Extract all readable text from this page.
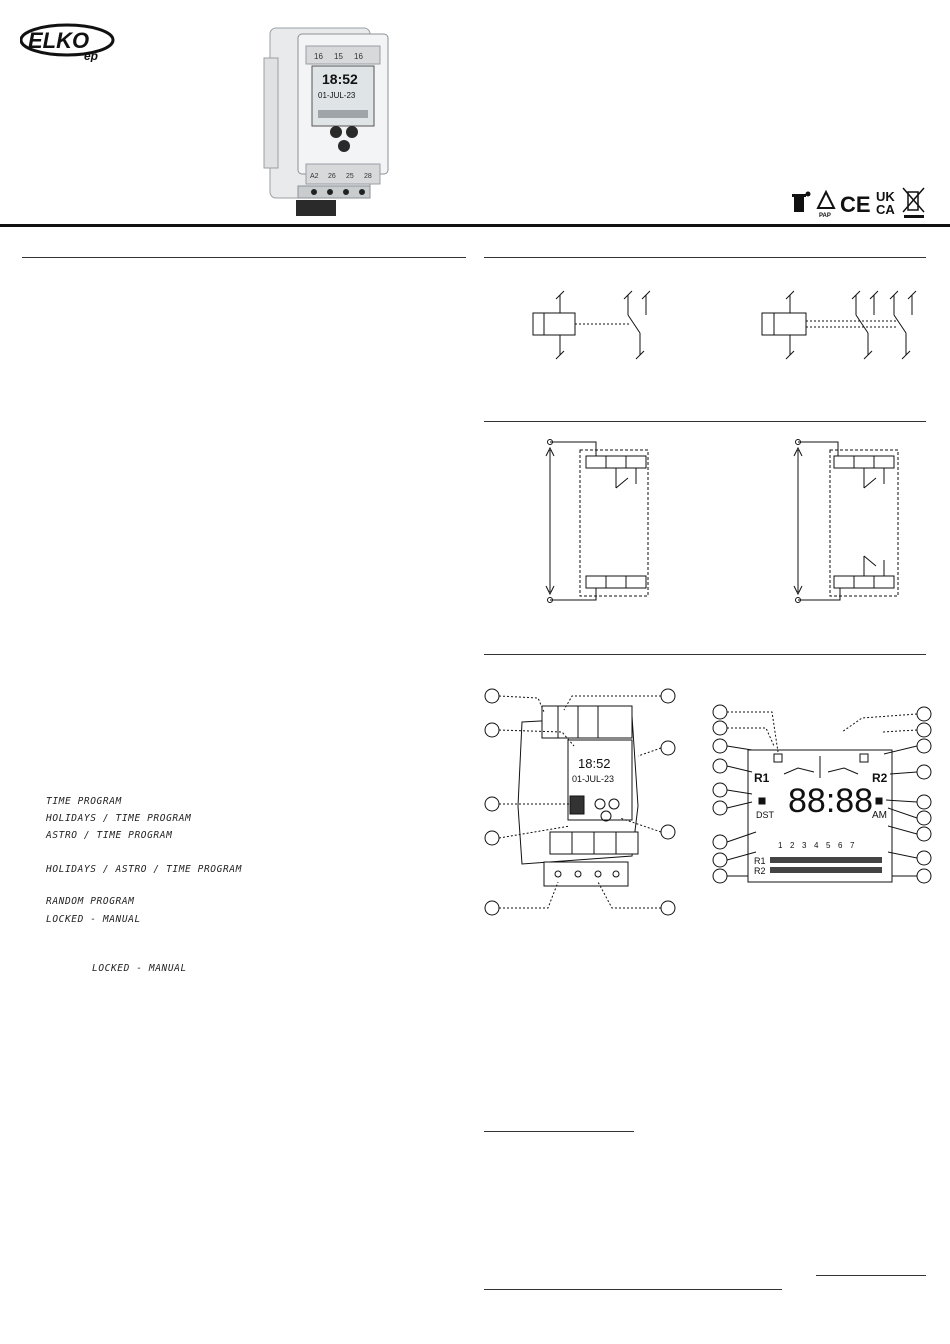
ELKO
ep	16 15 16
18:52
01-JUL-23
A2 26 25 28
PAP CE UK
CA
TIME PROGRAM
HOLIDAYS / TIME PROGRAM
ASTRO / TIME PROGRAM
HOLIDAYS / ASTRO / TIME PROGRAM
RANDOM PROGRAM
LOCKED - MANUAL
LOCKED - MANUAL
18:52
01-JUL-23	R1	R2
88:88
AM
DST
1 2 3 4 5 6 7
R1
R2
